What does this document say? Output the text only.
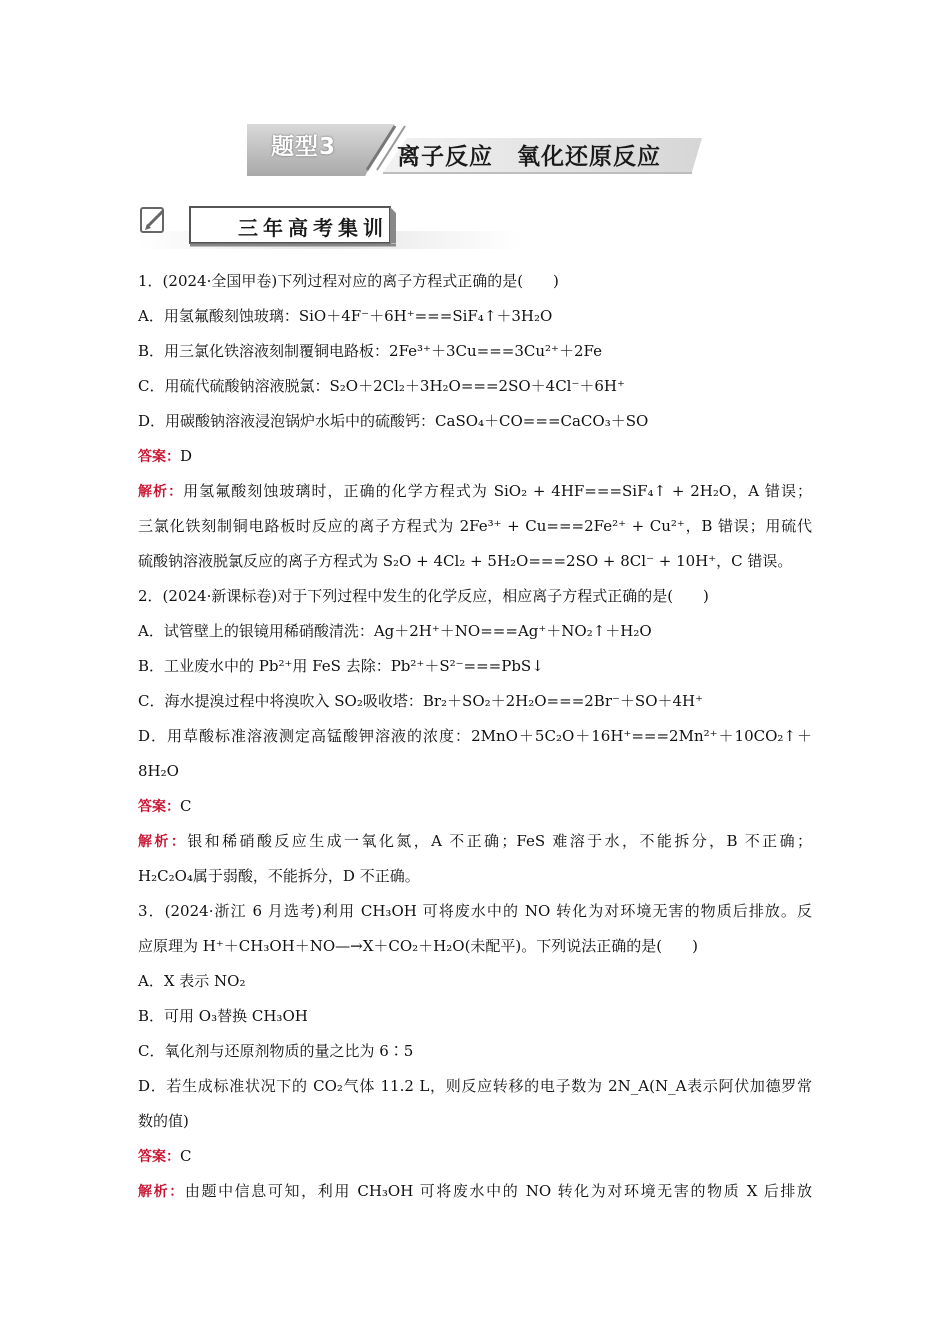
题型3	离子反应　氧化还原反应
三年高考集训
1．(2024·全国甲卷)下列过程对应的离子方程式正确的是(　　)
A．用氢氟酸刻蚀玻璃：SiO＋4F⁻＋6H⁺===SiF₄↑＋3H₂O
B．用三氯化铁溶液刻制覆铜电路板：2Fe³⁺＋3Cu===3Cu²⁺＋2Fe
C．用硫代硫酸钠溶液脱氯：S₂O＋2Cl₂＋3H₂O===2SO＋4Cl⁻＋6H⁺
D．用碳酸钠溶液浸泡锅炉水垢中的硫酸钙：CaSO₄＋CO===CaCO₃＋SO
答案：D
解析：用氢氟酸刻蚀玻璃时，正确的化学方程式为 SiO₂ + 4HF===SiF₄↑ + 2H₂O，A 错误；
三氯化铁刻制铜电路板时反应的离子方程式为 2Fe³⁺ + Cu===2Fe²⁺ + Cu²⁺，B 错误；用硫代
硫酸钠溶液脱氯反应的离子方程式为 S₂O + 4Cl₂ + 5H₂O===2SO + 8Cl⁻ + 10H⁺，C 错误。
2．(2024·新课标卷)对于下列过程中发生的化学反应，相应离子方程式正确的是(　　)
A．试管壁上的银镜用稀硝酸清洗：Ag＋2H⁺＋NO===Ag⁺＋NO₂↑＋H₂O
B．工业废水中的 Pb²⁺用 FeS 去除：Pb²⁺＋S²⁻===PbS↓
C．海水提溴过程中将溴吹入 SO₂吸收塔：Br₂＋SO₂＋2H₂O===2Br⁻＋SO＋4H⁺
D．用草酸标准溶液测定高锰酸钾溶液的浓度：2MnO＋5C₂O＋16H⁺===2Mn²⁺＋10CO₂↑＋
8H₂O
答案：C
解析：银和稀硝酸反应生成一氧化氮，A 不正确；FeS 难溶于水，不能拆分，B 不正确；
H₂C₂O₄属于弱酸，不能拆分，D 不正确。
3．(2024·浙江 6 月选考)利用 CH₃OH 可将废水中的 NO 转化为对环境无害的物质后排放。反
应原理为 H⁺＋CH₃OH＋NO—→X＋CO₂＋H₂O(未配平)。下列说法正确的是(　　)
A．X 表示 NO₂
B．可用 O₃替换 CH₃OH
C．氧化剂与还原剂物质的量之比为 6∶5
D．若生成标准状况下的 CO₂气体 11.2 L，则反应转移的电子数为 2N_A(N_A表示阿伏加德罗常
数的值)
答案：C
解析：由题中信息可知，利用 CH₃OH 可将废水中的 NO 转化为对环境无害的物质 X 后排放
